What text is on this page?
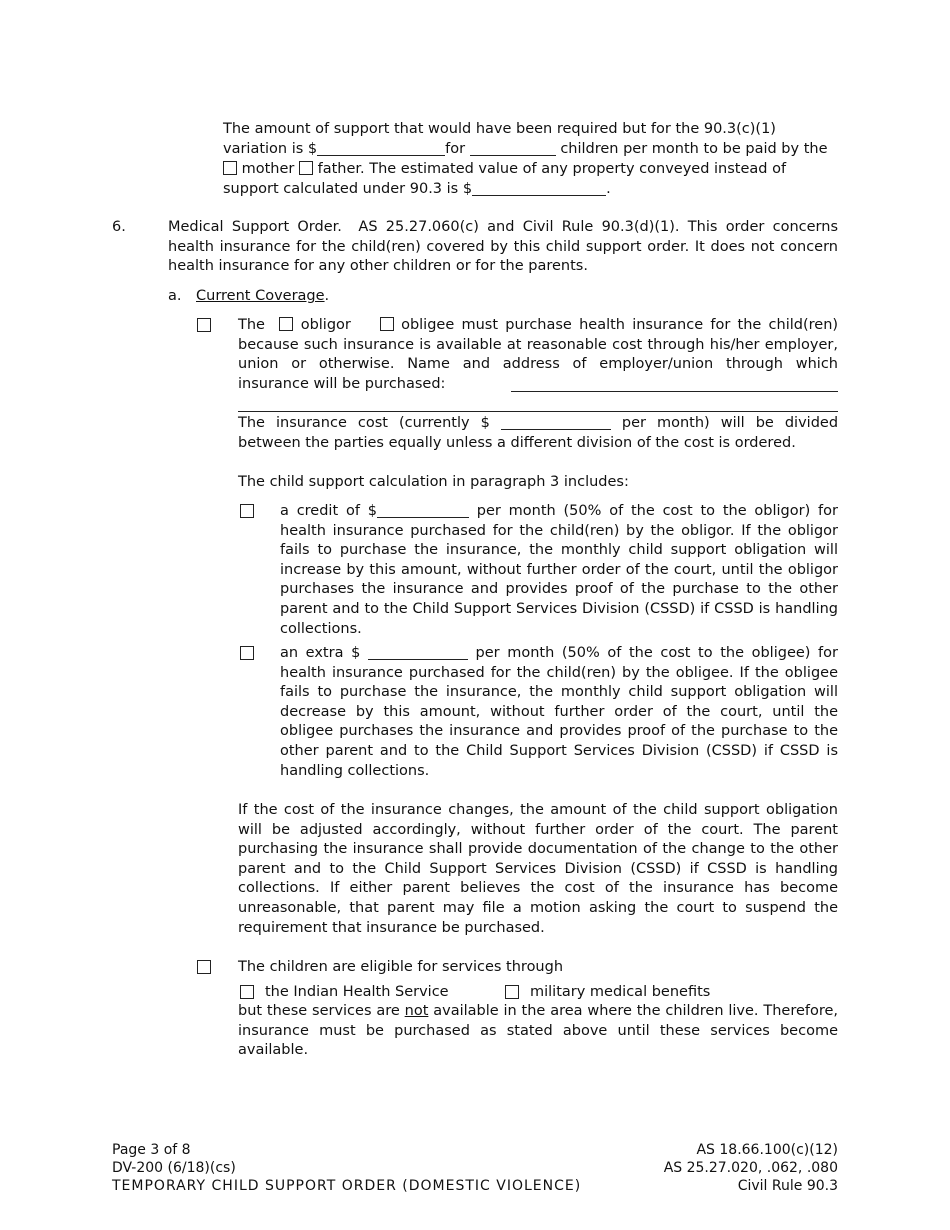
The amount of support that would have been required but for the 90.3(c)(1)
variation is $	for	children per month to be paid by the
mother father. The estimated value of any property conveyed instead of
support calculated under 90.3 is $	.
6.	Medical Support Order. AS 25.27.060(c) and Civil Rule 90.3(d)(1). This order concerns health insurance for the child(ren) covered by this child support order. It does not concern health insurance for any other children or for the parents.
a. Current Coverage.
The obligor	obligee must purchase health insurance for the child(ren) because such insurance is available at reasonable cost through his/her employer, union or otherwise. Name and address of employer/union through which insurance will be purchased:
The insurance cost (currently $	per month) will be divided between the parties equally unless a different division of the cost is ordered.
The child support calculation in paragraph 3 includes:
a credit of $	per month (50% of the cost to the obligor) for health insurance purchased for the child(ren) by the obligor. If the obligor fails to purchase the insurance, the monthly child support obligation will increase by this amount, without further order of the court, until the obligor purchases the insurance and provides proof of the purchase to the other parent and to the Child Support Services Division (CSSD) if CSSD is handling collections.
an extra $	per month (50% of the cost to the obligee) for health insurance purchased for the child(ren) by the obligee. If the obligee fails to purchase the insurance, the monthly child support obligation will decrease by this amount, without further order of the court, until the obligee purchases the insurance and provides proof of the purchase to the other parent and to the Child Support Services Division (CSSD) if CSSD is handling collections.
If the cost of the insurance changes, the amount of the child support obligation will be adjusted accordingly, without further order of the court. The parent purchasing the insurance shall provide documentation of the change to the other parent and to the Child Support Services Division (CSSD) if CSSD is handling collections. If either parent believes the cost of the insurance has become unreasonable, that parent may file a motion asking the court to suspend the requirement that insurance be purchased.
The children are eligible for services through
the Indian Health Service	military medical benefits
but these services are not available in the area where the children live. Therefore, insurance must be purchased as stated above until these services become available.
Page 3 of 8
DV-200 (6/18)(cs)
TEMPORARY CHILD SUPPORT ORDER (DOMESTIC VIOLENCE)
AS 18.66.100(c)(12)
AS 25.27.020, .062, .080
Civil Rule 90.3
